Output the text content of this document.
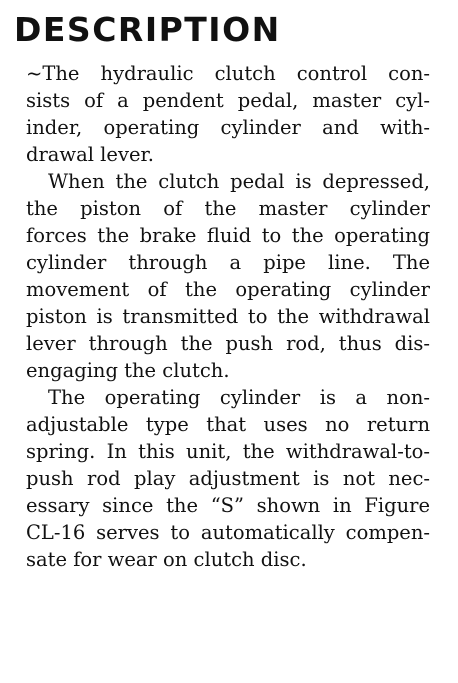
DESCRIPTION

~The hydraulic clutch control con-
sists of a pendent pedal, master cyl-
inder, operating cylinder and with-
drawal lever.

When the clutch pedal is depressed,
the piston of the master cylinder
forces the brake fluid to the operating
cylinder through a pipe line. The
movement of the operating cylinder
piston is transmitted to the withdrawal
lever through the push rod, thus dis-
engaging the clutch.

The operating cylinder is a non-
adjustable type that uses no return
spring. In this unit, the withdrawal-to-
push rod play adjustment is not nec-
essary since the “S” shown in Figure
CL-16 serves to automatically compen-
sate for wear on clutch disc.
